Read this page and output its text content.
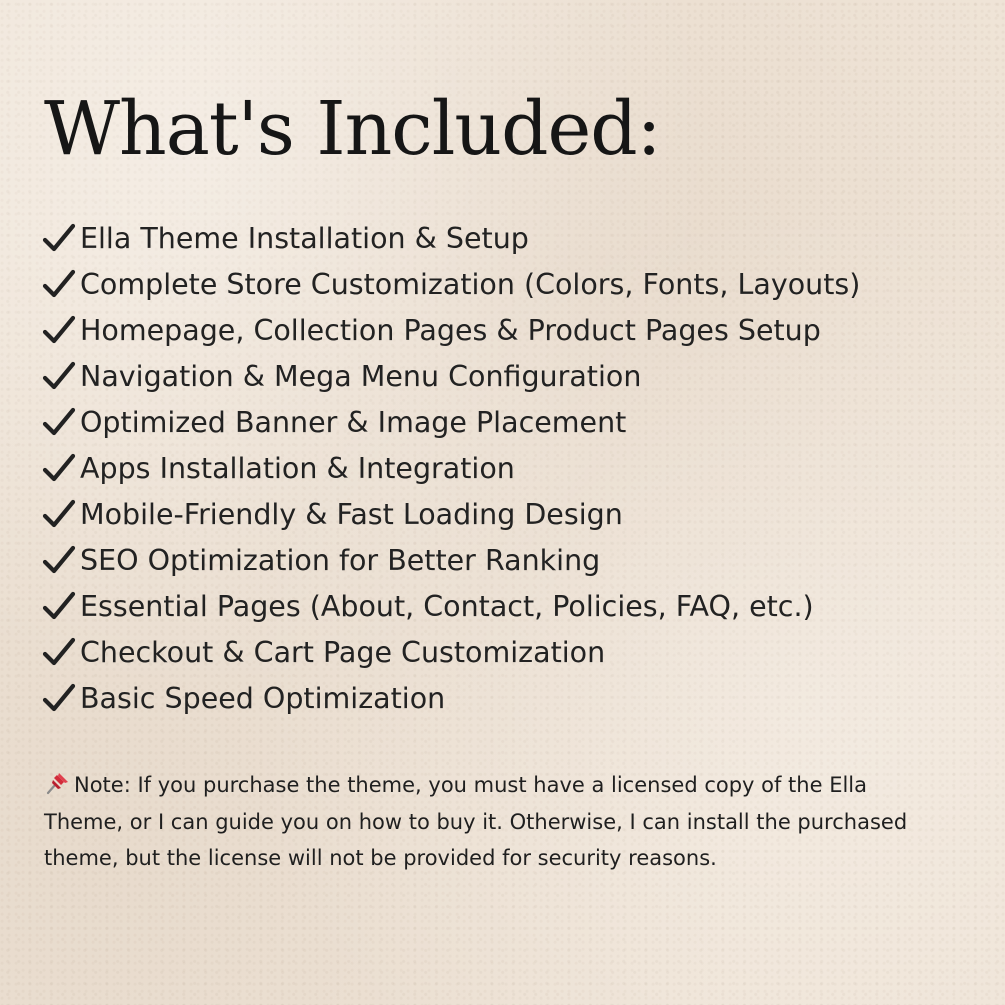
What's Included:
Ella Theme Installation & Setup
Complete Store Customization (Colors, Fonts, Layouts)
Homepage, Collection Pages & Product Pages Setup
Navigation & Mega Menu Configuration
Optimized Banner & Image Placement
Apps Installation & Integration
Mobile-Friendly & Fast Loading Design
SEO Optimization for Better Ranking
Essential Pages (About, Contact, Policies, FAQ, etc.)
Checkout & Cart Page Customization
Basic Speed Optimization

Note: If you purchase the theme, you must have a licensed copy of the Ella Theme, or I can guide you on how to buy it. Otherwise, I can install the purchased theme, but the license will not be provided for security reasons.
